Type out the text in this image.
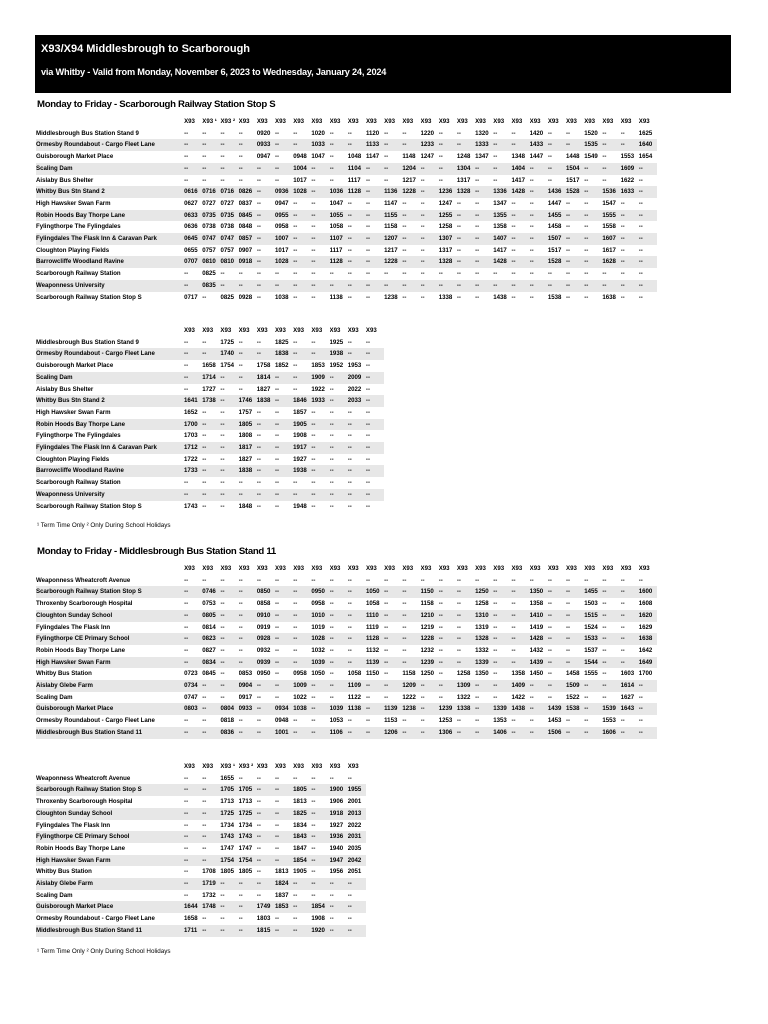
X93/X94 Middlesbrough to Scarborough
via Whitby - Valid from Monday, November 6, 2023 to Wednesday, January 24, 2024
Monday to Friday - Scarborough Railway Station Stop S
	X93	X93 ¹	X93 ²	X93	X93	X93	X93	X93	X93	X93	X93	X93	X93	X93	X93	X93	X93	X93	X93	X93	X93	X93	X93	X93	X93	X93
Middlesbrough Bus Station Stand 9	--	--	--	--	0920	--	--	1020	--	--	1120	--	--	1220	--	--	1320	--	--	1420	--	--	1520	--	--	1625
Ormesby Roundabout - Cargo Fleet Lane	--	--	--	--	0933	--	--	1033	--	--	1133	--	--	1233	--	--	1333	--	--	1433	--	--	1535	--	--	1640
Guisborough Market Place	--	--	--	--	0947	--	0948	1047	--	1048	1147	--	1148	1247	--	1248	1347	--	1348	1447	--	1448	1549	--	1553	1654
Scaling Dam	--	--	--	--	--	--	1004	--	--	1104	--	--	1204	--	--	1304	--	--	1404	--	--	1504	--	--	1609	--
Aislaby Bus Shelter	--	--	--	--	--	--	1017	--	--	1117	--	--	1217	--	--	1317	--	--	1417	--	--	1517	--	--	1622	--
Whitby Bus Stn Stand 2	0616	0716	0716	0826	--	0936	1028	--	1036	1128	--	1136	1228	--	1236	1328	--	1336	1428	--	1436	1528	--	1536	1633	--
High Hawsker Swan Farm	0627	0727	0727	0837	--	0947	--	--	1047	--	--	1147	--	--	1247	--	--	1347	--	--	1447	--	--	1547	--	--
Robin Hoods Bay Thorpe Lane	0633	0735	0735	0845	--	0955	--	--	1055	--	--	1155	--	--	1255	--	--	1355	--	--	1455	--	--	1555	--	--
Fylingthorpe The Fylingdales	0636	0738	0738	0848	--	0958	--	--	1058	--	--	1158	--	--	1258	--	--	1358	--	--	1458	--	--	1558	--	--
Fylingdales The Flask Inn & Caravan Park	0645	0747	0747	0857	--	1007	--	--	1107	--	--	1207	--	--	1307	--	--	1407	--	--	1507	--	--	1607	--	--
Cloughton Playing Fields	0655	0757	0757	0907	--	1017	--	--	1117	--	--	1217	--	--	1317	--	--	1417	--	--	1517	--	--	1617	--	--
Barrowcliffe Woodland Ravine	0707	0810	0810	0918	--	1028	--	--	1128	--	--	1228	--	--	1328	--	--	1428	--	--	1528	--	--	1628	--	--
Scarborough Railway Station	--	0825	--	--	--	--	--	--	--	--	--	--	--	--	--	--	--	--	--	--	--	--	--	--	--	--
Weaponness University	--	0835	--	--	--	--	--	--	--	--	--	--	--	--	--	--	--	--	--	--	--	--	--	--	--	--
Scarborough Railway Station Stop S	0717	--	0825	0928	--	1038	--	--	1138	--	--	1238	--	--	1338	--	--	1438	--	--	1538	--	--	1638	--	--
	X93	X93	X93	X93	X93	X93	X93	X93	X93	X93	X93
Middlesbrough Bus Station Stand 9	--	--	1725	--	--	1825	--	--	1925	--	--
Ormesby Roundabout - Cargo Fleet Lane	--	--	1740	--	--	1838	--	--	1938	--	--
Guisborough Market Place	--	1658	1754	--	1758	1852	--	1853	1952	1953	--
Scaling Dam	--	1714	--	--	1814	--	--	1909	--	2009	--
Aislaby Bus Shelter	--	1727	--	--	1827	--	--	1922	--	2022	--
Whitby Bus Stn Stand 2	1641	1738	--	1746	1838	--	1846	1933	--	2033	--
High Hawsker Swan Farm	1652	--	--	1757	--	--	1857	--	--	--	--
Robin Hoods Bay Thorpe Lane	1700	--	--	1805	--	--	1905	--	--	--	--
Fylingthorpe The Fylingdales	1703	--	--	1808	--	--	1908	--	--	--	--
Fylingdales The Flask Inn & Caravan Park	1712	--	--	1817	--	--	1917	--	--	--	--
Cloughton Playing Fields	1722	--	--	1827	--	--	1927	--	--	--	--
Barrowcliffe Woodland Ravine	1733	--	--	1838	--	--	1938	--	--	--	--
Scarborough Railway Station	--	--	--	--	--	--	--	--	--	--	--
Weaponness University	--	--	--	--	--	--	--	--	--	--	--
Scarborough Railway Station Stop S	1743	--	--	1848	--	--	1948	--	--	--	--
¹ Term Time Only ² Only During School Holidays
Monday to Friday - Middlesbrough Bus Station Stand 11
	X93	X93	X93	X93	X93	X93	X93	X93	X93	X93	X93	X93	X93	X93	X93	X93	X93	X93	X93	X93	X93	X93	X93	X93	X93	X93
Weaponness Wheatcroft Avenue	--	--	--	--	--	--	--	--	--	--	--	--	--	--	--	--	--	--	--	--	--	--	--	--	--	--
Scarborough Railway Station Stop S	--	0746	--	--	0850	--	--	0950	--	--	1050	--	--	1150	--	--	1250	--	--	1350	--	--	1455	--	--	1600
Throxenby Scarborough Hospital	--	0753	--	--	0858	--	--	0958	--	--	1058	--	--	1158	--	--	1258	--	--	1358	--	--	1503	--	--	1608
Cloughton Sunday School	--	0805	--	--	0910	--	--	1010	--	--	1110	--	--	1210	--	--	1310	--	--	1410	--	--	1515	--	--	1620
Fylingdales The Flask Inn	--	0814	--	--	0919	--	--	1019	--	--	1119	--	--	1219	--	--	1319	--	--	1419	--	--	1524	--	--	1629
Fylingthorpe CE Primary School	--	0823	--	--	0928	--	--	1028	--	--	1128	--	--	1228	--	--	1328	--	--	1428	--	--	1533	--	--	1638
Robin Hoods Bay Thorpe Lane	--	0827	--	--	0932	--	--	1032	--	--	1132	--	--	1232	--	--	1332	--	--	1432	--	--	1537	--	--	1642
High Hawsker Swan Farm	--	0834	--	--	0939	--	--	1039	--	--	1139	--	--	1239	--	--	1339	--	--	1439	--	--	1544	--	--	1649
Whitby Bus Station	0723	0845	--	0853	0950	--	0958	1050	--	1058	1150	--	1158	1250	--	1258	1350	--	1358	1450	--	1458	1555	--	1603	1700
Aislaby Glebe Farm	0734	--	--	0904	--	--	1009	--	--	1109	--	--	1209	--	--	1309	--	--	1409	--	--	1509	--	--	1614	--
Scaling Dam	0747	--	--	0917	--	--	1022	--	--	1122	--	--	1222	--	--	1322	--	--	1422	--	--	1522	--	--	1627	--
Guisborough Market Place	0803	--	0804	0933	--	0934	1038	--	1039	1138	--	1139	1238	--	1239	1338	--	1339	1438	--	1439	1538	--	1539	1643	--
Ormesby Roundabout - Cargo Fleet Lane	--	--	0818	--	--	0948	--	--	1053	--	--	1153	--	--	1253	--	--	1353	--	--	1453	--	--	1553	--	--
Middlesbrough Bus Station Stand 11	--	--	0836	--	--	1001	--	--	1106	--	--	1206	--	--	1306	--	--	1406	--	--	1506	--	--	1606	--	--
	X93	X93	X93 ¹	X93 ²	X93	X93	X93	X93	X93	X93
Weaponness Wheatcroft Avenue	--	--	1655	--	--	--	--	--	--	--
Scarborough Railway Station Stop S	--	--	1705	1705	--	--	1805	--	1900	1955
Throxenby Scarborough Hospital	--	--	1713	1713	--	--	1813	--	1906	2001
Cloughton Sunday School	--	--	1725	1725	--	--	1825	--	1918	2013
Fylingdales The Flask Inn	--	--	1734	1734	--	--	1834	--	1927	2022
Fylingthorpe CE Primary School	--	--	1743	1743	--	--	1843	--	1936	2031
Robin Hoods Bay Thorpe Lane	--	--	1747	1747	--	--	1847	--	1940	2035
High Hawsker Swan Farm	--	--	1754	1754	--	--	1854	--	1947	2042
Whitby Bus Station	--	1708	1805	1805	--	1813	1905	--	1956	2051
Aislaby Glebe Farm	--	1719	--	--	--	1824	--	--	--	--
Scaling Dam	--	1732	--	--	--	1837	--	--	--	--
Guisborough Market Place	1644	1748	--	--	1749	1853	--	1854	--	--
Ormesby Roundabout - Cargo Fleet Lane	1658	--	--	--	1803	--	--	1908	--	--
Middlesbrough Bus Station Stand 11	1711	--	--	--	1815	--	--	1920	--	--
¹ Term Time Only ² Only During School Holidays
